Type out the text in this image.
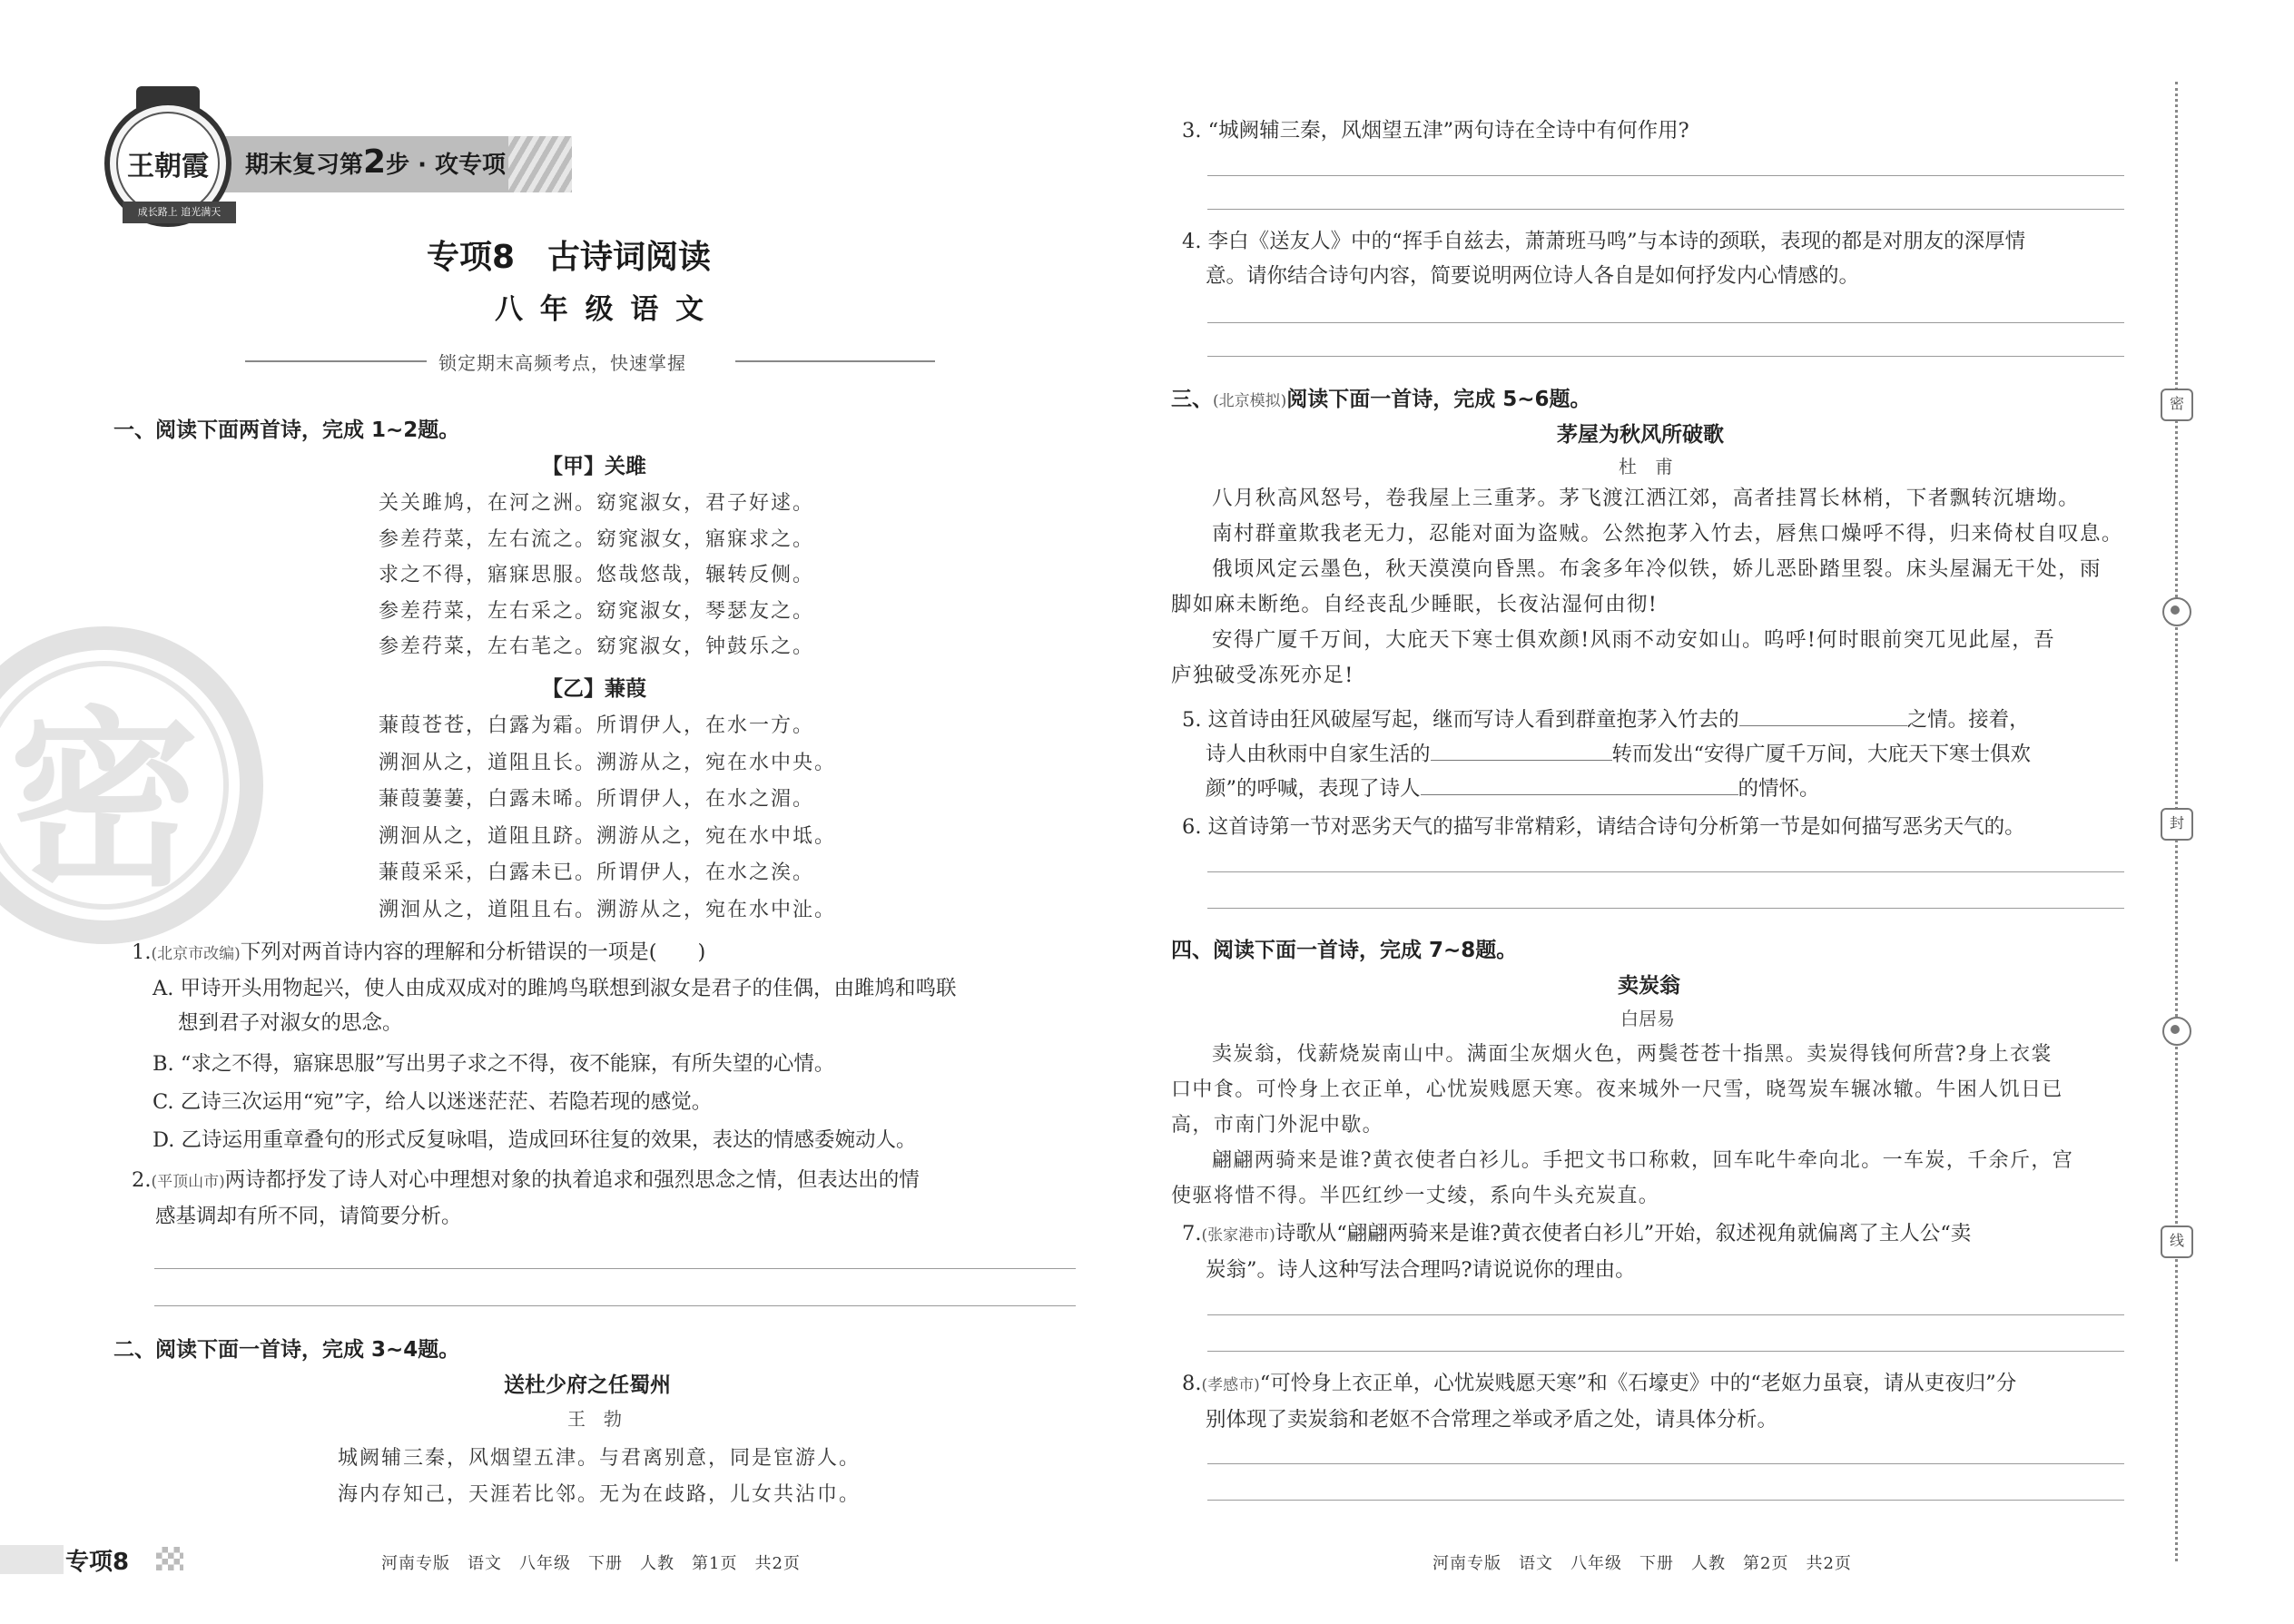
密
期末复习第2步 · 攻专项
王朝霞
成长路上 追光满天
专项8　古诗词阅读
八 年 级 语 文
锁定期末高频考点，快速掌握
一、阅读下面两首诗，完成 1~2题。
【甲】关雎
关关雎鸠，在河之洲。窈窕淑女，君子好逑。
参差荇菜，左右流之。窈窕淑女，寤寐求之。
求之不得，寤寐思服。悠哉悠哉，辗转反侧。
参差荇菜，左右采之。窈窕淑女，琴瑟友之。
参差荇菜，左右芼之。窈窕淑女，钟鼓乐之。
【乙】蒹葭
蒹葭苍苍，白露为霜。所谓伊人，在水一方。
溯洄从之，道阻且长。溯游从之，宛在水中央。
蒹葭萋萋，白露未晞。所谓伊人，在水之湄。
溯洄从之，道阻且跻。溯游从之，宛在水中坻。
蒹葭采采，白露未已。所谓伊人，在水之涘。
溯洄从之，道阻且右。溯游从之，宛在水中沚。
1.(北京市改编)下列对两首诗内容的理解和分析错误的一项是(　　)
A. 甲诗开头用物起兴，使人由成双成对的雎鸠鸟联想到淑女是君子的佳偶，由雎鸠和鸣联
想到君子对淑女的思念。
B. “求之不得，寤寐思服”写出男子求之不得，夜不能寐，有所失望的心情。
C. 乙诗三次运用“宛”字，给人以迷迷茫茫、若隐若现的感觉。
D. 乙诗运用重章叠句的形式反复咏唱，造成回环往复的效果，表达的情感委婉动人。
2.(平顶山市)两诗都抒发了诗人对心中理想对象的执着追求和强烈思念之情，但表达出的情
感基调却有所不同，请简要分析。
二、阅读下面一首诗，完成 3~4题。
送杜少府之任蜀州
王　勃
城阙辅三秦，风烟望五津。与君离别意，同是宦游人。
海内存知己，天涯若比邻。无为在歧路，儿女共沾巾。
专项8	河南专版　语文　八年级　下册　人教　第1页　共2页
3. “城阙辅三秦，风烟望五津”两句诗在全诗中有何作用?
4. 李白《送友人》中的“挥手自兹去，萧萧班马鸣”与本诗的颈联，表现的都是对朋友的深厚情
意。请你结合诗句内容，简要说明两位诗人各自是如何抒发内心情感的。
三、(北京模拟)阅读下面一首诗，完成 5~6题。
茅屋为秋风所破歌
杜　甫
八月秋高风怒号，卷我屋上三重茅。茅飞渡江洒江郊，高者挂罥长林梢，下者飘转沉塘坳。
南村群童欺我老无力，忍能对面为盗贼。公然抱茅入竹去，唇焦口燥呼不得，归来倚杖自叹息。
俄顷风定云墨色，秋天漠漠向昏黑。布衾多年冷似铁，娇儿恶卧踏里裂。床头屋漏无干处，雨
脚如麻未断绝。自经丧乱少睡眠，长夜沾湿何由彻!
安得广厦千万间，大庇天下寒士俱欢颜!风雨不动安如山。呜呼!何时眼前突兀见此屋，吾
庐独破受冻死亦足!
5. 这首诗由狂风破屋写起，继而写诗人看到群童抱茅入竹去的	之情。接着，
诗人由秋雨中自家生活的	转而发出“安得广厦千万间，大庇天下寒士俱欢
颜”的呼喊，表现了诗人	的情怀。
6. 这首诗第一节对恶劣天气的描写非常精彩，请结合诗句分析第一节是如何描写恶劣天气的。
四、阅读下面一首诗，完成 7~8题。
卖炭翁
白居易
卖炭翁，伐薪烧炭南山中。满面尘灰烟火色，两鬓苍苍十指黑。卖炭得钱何所营?身上衣裳
口中食。可怜身上衣正单，心忧炭贱愿天寒。夜来城外一尺雪，晓驾炭车辗冰辙。牛困人饥日已
高，市南门外泥中歇。
翩翩两骑来是谁?黄衣使者白衫儿。手把文书口称敕，回车叱牛牵向北。一车炭，千余斤，宫
使驱将惜不得。半匹红纱一丈绫，系向牛头充炭直。
7.(张家港市)诗歌从“翩翩两骑来是谁?黄衣使者白衫儿”开始，叙述视角就偏离了主人公“卖
炭翁”。诗人这种写法合理吗?请说说你的理由。
8.(孝感市)“可怜身上衣正单，心忧炭贱愿天寒”和《石壕吏》中的“老妪力虽衰，请从吏夜归”分
别体现了卖炭翁和老妪不合常理之举或矛盾之处，请具体分析。
河南专版　语文　八年级　下册　人教　第2页　共2页
密
封
线
